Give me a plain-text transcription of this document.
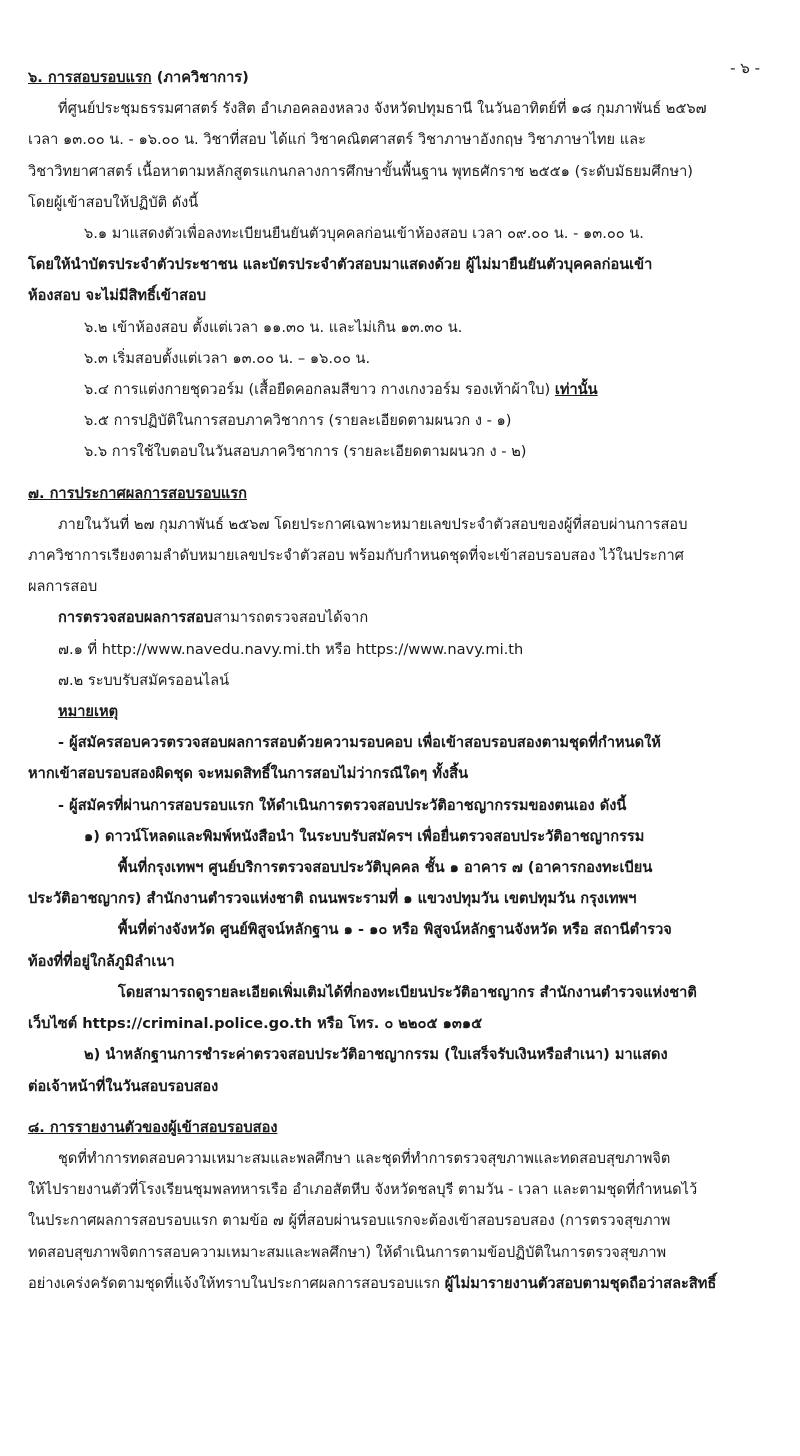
- ๖ -

๖. การสอบรอบแรก (ภาควิชาการ)

ที่ศูนย์ประชุมธรรมศาสตร์ รังสิต อำเภอคลองหลวง จังหวัดปทุมธานี ในวันอาทิตย์ที่ ๑๘ กุมภาพันธ์ ๒๕๖๗

เวลา ๑๓.๐๐ น. - ๑๖.๐๐ น. วิชาที่สอบ ได้แก่ วิชาคณิตศาสตร์ วิชาภาษาอังกฤษ วิชาภาษาไทย และ

วิชาวิทยาศาสตร์ เนื้อหาตามหลักสูตรแกนกลางการศึกษาขั้นพื้นฐาน พุทธศักราช ๒๕๕๑ (ระดับมัธยมศึกษา)

โดยผู้เข้าสอบให้ปฏิบัติ ดังนี้

๖.๑ มาแสดงตัวเพื่อลงทะเบียนยืนยันตัวบุคคลก่อนเข้าห้องสอบ เวลา ๐๙.๐๐ น. - ๑๓.๐๐ น.

โดยให้นำบัตรประจำตัวประชาชน และบัตรประจำตัวสอบมาแสดงด้วย ผู้ไม่มายืนยันตัวบุคคลก่อนเข้า

ห้องสอบ จะไม่มีสิทธิ์เข้าสอบ

๖.๒ เข้าห้องสอบ ตั้งแต่เวลา ๑๑.๓๐ น. และไม่เกิน ๑๓.๓๐ น.

๖.๓ เริ่มสอบตั้งแต่เวลา ๑๓.๐๐ น. – ๑๖.๐๐ น.

๖.๔ การแต่งกายชุดวอร์ม (เสื้อยืดคอกลมสีขาว กางเกงวอร์ม รองเท้าผ้าใบ) เท่านั้น

๖.๕ การปฏิบัติในการสอบภาควิชาการ (รายละเอียดตามผนวก ง - ๑)

๖.๖ การใช้ใบตอบในวันสอบภาควิชาการ (รายละเอียดตามผนวก ง - ๒)

๗. การประกาศผลการสอบรอบแรก

ภายในวันที่ ๒๗ กุมภาพันธ์ ๒๕๖๗ โดยประกาศเฉพาะหมายเลขประจำตัวสอบของผู้ที่สอบผ่านการสอบ

ภาควิชาการเรียงตามลำดับหมายเลขประจำตัวสอบ พร้อมกับกำหนดชุดที่จะเข้าสอบรอบสอง ไว้ในประกาศ

ผลการสอบ

การตรวจสอบผลการสอบสามารถตรวจสอบได้จาก

๗.๑ ที่ http://www.navedu.navy.mi.th หรือ https://www.navy.mi.th

๗.๒ ระบบรับสมัครออนไลน์

หมายเหตุ

- ผู้สมัครสอบควรตรวจสอบผลการสอบด้วยความรอบคอบ เพื่อเข้าสอบรอบสองตามชุดที่กำหนดให้

หากเข้าสอบรอบสองผิดชุด จะหมดสิทธิ์ในการสอบไม่ว่ากรณีใดๆ ทั้งสิ้น

- ผู้สมัครที่ผ่านการสอบรอบแรก ให้ดำเนินการตรวจสอบประวัติอาชญากรรมของตนเอง ดังนี้

๑) ดาวน์โหลดและพิมพ์หนังสือนำ ในระบบรับสมัครฯ เพื่อยื่นตรวจสอบประวัติอาชญากรรม

พื้นที่กรุงเทพฯ ศูนย์บริการตรวจสอบประวัติบุคคล ชั้น ๑ อาคาร ๗ (อาคารกองทะเบียน

ประวัติอาชญากร) สำนักงานตำรวจแห่งชาติ ถนนพระรามที่ ๑ แขวงปทุมวัน เขตปทุมวัน กรุงเทพฯ

พื้นที่ต่างจังหวัด ศูนย์พิสูจน์หลักฐาน ๑ - ๑๐ หรือ พิสูจน์หลักฐานจังหวัด หรือ สถานีตำรวจ

ท้องที่ที่อยู่ใกล้ภูมิลำเนา

โดยสามารถดูรายละเอียดเพิ่มเติมได้ที่กองทะเบียนประวัติอาชญากร สำนักงานตำรวจแห่งชาติ

เว็บไซต์ https://criminal.police.go.th หรือ โทร. ๐ ๒๒๐๕ ๑๓๑๕

๒) นำหลักฐานการชำระค่าตรวจสอบประวัติอาชญากรรม (ใบเสร็จรับเงินหรือสำเนา) มาแสดง

ต่อเจ้าหน้าที่ในวันสอบรอบสอง

๘. การรายงานตัวของผู้เข้าสอบรอบสอง

ชุดที่ทำการทดสอบความเหมาะสมและพลศึกษา และชุดที่ทำการตรวจสุขภาพและทดสอบสุขภาพจิต

ให้ไปรายงานตัวที่โรงเรียนชุมพลทหารเรือ อำเภอสัตหีบ จังหวัดชลบุรี ตามวัน - เวลา และตามชุดที่กำหนดไว้

ในประกาศผลการสอบรอบแรก ตามข้อ ๗ ผู้ที่สอบผ่านรอบแรกจะต้องเข้าสอบรอบสอง (การตรวจสุขภาพ

ทดสอบสุขภาพจิตการสอบความเหมาะสมและพลศึกษา) ให้ดำเนินการตามข้อปฏิบัติในการตรวจสุขภาพ

อย่างเคร่งครัดตามชุดที่แจ้งให้ทราบในประกาศผลการสอบรอบแรก ผู้ไม่มารายงานตัวสอบตามชุดถือว่าสละสิทธิ์
